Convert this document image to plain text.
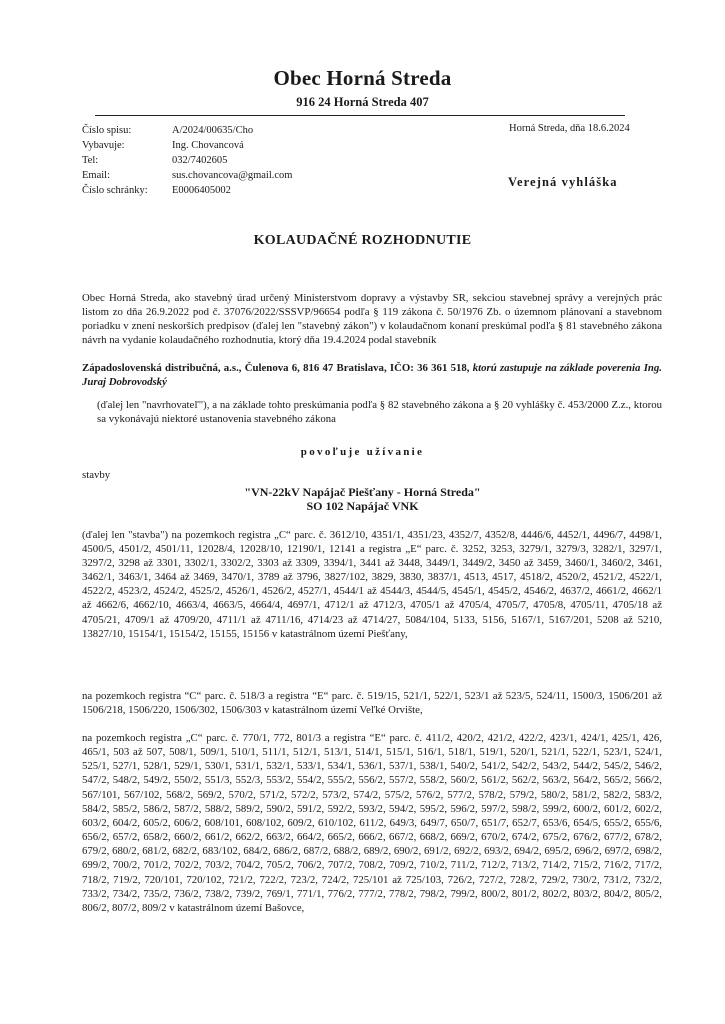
Obec Horná Streda
916 24 Horná Streda 407
Číslo spisu:	A/2024/00635/Cho
Vybavuje:	Ing. Chovancová
Tel:	032/7402605
Email:	sus.chovancova@gmail.com
Číslo schránky:	E0006405002
Horná Streda, dňa 18.6.2024
Verejná vyhláška
KOLAUDAČNÉ ROZHODNUTIE
Obec Horná Streda, ako stavebný úrad určený Ministerstvom dopravy a výstavby SR, sekciou stavebnej správy a verejných prác listom zo dňa 26.9.2022 pod č. 37076/2022/SSSVP/96654 podľa § 119 zákona č. 50/1976 Zb. o územnom plánovaní a stavebnom poriadku v znení neskorších predpisov (ďalej len "stavebný zákon") v kolaudačnom konaní preskúmal podľa § 81 stavebného zákona návrh na vydanie kolaudačného rozhodnutia, ktorý dňa 19.4.2024 podal stavebník
Západoslovenská distribučná, a.s., Čulenova 6, 816 47 Bratislava, IČO: 36 361 518, ktorú zastupuje na základe poverenia Ing. Juraj Dobrovodský
(ďalej len "navrhovateľ"), a na základe tohto preskúmania podľa § 82 stavebného zákona a § 20 vyhlášky č. 453/2000 Z.z., ktorou sa vykonávajú niektoré ustanovenia stavebného zákona
povoľuje užívanie
stavby
"VN-22kV Napájač Piešťany - Horná Streda"
SO 102 Napájač VNK
(ďalej len "stavba") na pozemkoch registra „C“ parc. č. 3612/10, 4351/1, 4351/23, 4352/7, 4352/8, 4446/6, 4452/1, 4496/7, 4498/1, 4500/5, 4501/2, 4501/11, 12028/4, 12028/10, 12190/1, 12141 a registra „E“ parc. č. 3252, 3253, 3279/1, 3279/3, 3282/1, 3297/1, 3297/2, 3298 až 3301, 3302/1, 3302/2, 3303 až 3309, 3394/1, 3441 až 3448, 3449/1, 3449/2, 3450 až 3459, 3460/1, 3460/2, 3461, 3462/1, 3463/1, 3464 až 3469, 3470/1, 3789 až 3796, 3827/102, 3829, 3830, 3837/1, 4513, 4517, 4518/2, 4520/2, 4521/2, 4522/1, 4522/2, 4523/2, 4524/2, 4525/2, 4526/1, 4526/2, 4527/1, 4544/1 až 4544/3, 4544/5, 4545/1, 4545/2, 4546/2, 4637/2, 4661/2, 4662/1 až 4662/6, 4662/10, 4663/4, 4663/5, 4664/4, 4697/1, 4712/1 až 4712/3, 4705/1 až 4705/4, 4705/7, 4705/8, 4705/11, 4705/18 až 4705/21, 4709/1 až 4709/20, 4711/1 až 4711/16, 4714/23 až 4714/27, 5084/104, 5133, 5156, 5167/1, 5167/201, 5208 až 5210, 13827/10, 15154/1, 15154/2, 15155, 15156 v katastrálnom území Piešťany,
na pozemkoch registra “C“ parc. č. 518/3 a registra “E“ parc. č. 519/15, 521/1, 522/1, 523/1 až 523/5, 524/11, 1500/3, 1506/201 až 1506/218, 1506/220, 1506/302, 1506/303 v katastrálnom území Veľké Orvište,
na pozemkoch registra „C“ parc. č. 770/1, 772, 801/3 a registra “E“ parc. č. 411/2, 420/2, 421/2, 422/2, 423/1, 424/1, 425/1, 426, 465/1, 503 až 507, 508/1, 509/1, 510/1, 511/1, 512/1, 513/1, 514/1, 515/1, 516/1, 518/1, 519/1, 520/1, 521/1, 522/1, 523/1, 524/1, 525/1, 527/1, 528/1, 529/1, 530/1, 531/1, 532/1, 533/1, 534/1, 536/1, 537/1, 538/1, 540/2, 541/2, 542/2, 543/2, 544/2, 545/2, 546/2, 547/2, 548/2, 549/2, 550/2, 551/3, 552/3, 553/2, 554/2, 555/2, 556/2, 557/2, 558/2, 560/2, 561/2, 562/2, 563/2, 564/2, 565/2, 566/2, 567/101, 567/102, 568/2, 569/2, 570/2, 571/2, 572/2, 573/2, 574/2, 575/2, 576/2, 577/2, 578/2, 579/2, 580/2, 581/2, 582/2, 583/2, 584/2, 585/2, 586/2, 587/2, 588/2, 589/2, 590/2, 591/2, 592/2, 593/2, 594/2, 595/2, 596/2, 597/2, 598/2, 599/2, 600/2, 601/2, 602/2, 603/2, 604/2, 605/2, 606/2, 608/101, 608/102, 609/2, 610/102, 611/2, 649/3, 649/7, 650/7, 651/7, 652/7, 653/6, 654/5, 655/2, 655/6, 656/2, 657/2, 658/2, 660/2, 661/2, 662/2, 663/2, 664/2, 665/2, 666/2, 667/2, 668/2, 669/2, 670/2, 674/2, 675/2, 676/2, 677/2, 678/2, 679/2, 680/2, 681/2, 682/2, 683/102, 684/2, 686/2, 687/2, 688/2, 689/2, 690/2, 691/2, 692/2, 693/2, 694/2, 695/2, 696/2, 697/2, 698/2, 699/2, 700/2, 701/2, 702/2, 703/2, 704/2, 705/2, 706/2, 707/2, 708/2, 709/2, 710/2, 711/2, 712/2, 713/2, 714/2, 715/2, 716/2, 717/2, 718/2, 719/2, 720/101, 720/102, 721/2, 722/2, 723/2, 724/2, 725/101 až 725/103, 726/2, 727/2, 728/2, 729/2, 730/2, 731/2, 732/2, 733/2, 734/2, 735/2, 736/2, 738/2, 739/2, 769/1, 771/1, 776/2, 777/2, 778/2, 798/2, 799/2, 800/2, 801/2, 802/2, 803/2, 804/2, 805/2, 806/2, 807/2, 809/2 v katastrálnom území Bašovce,
